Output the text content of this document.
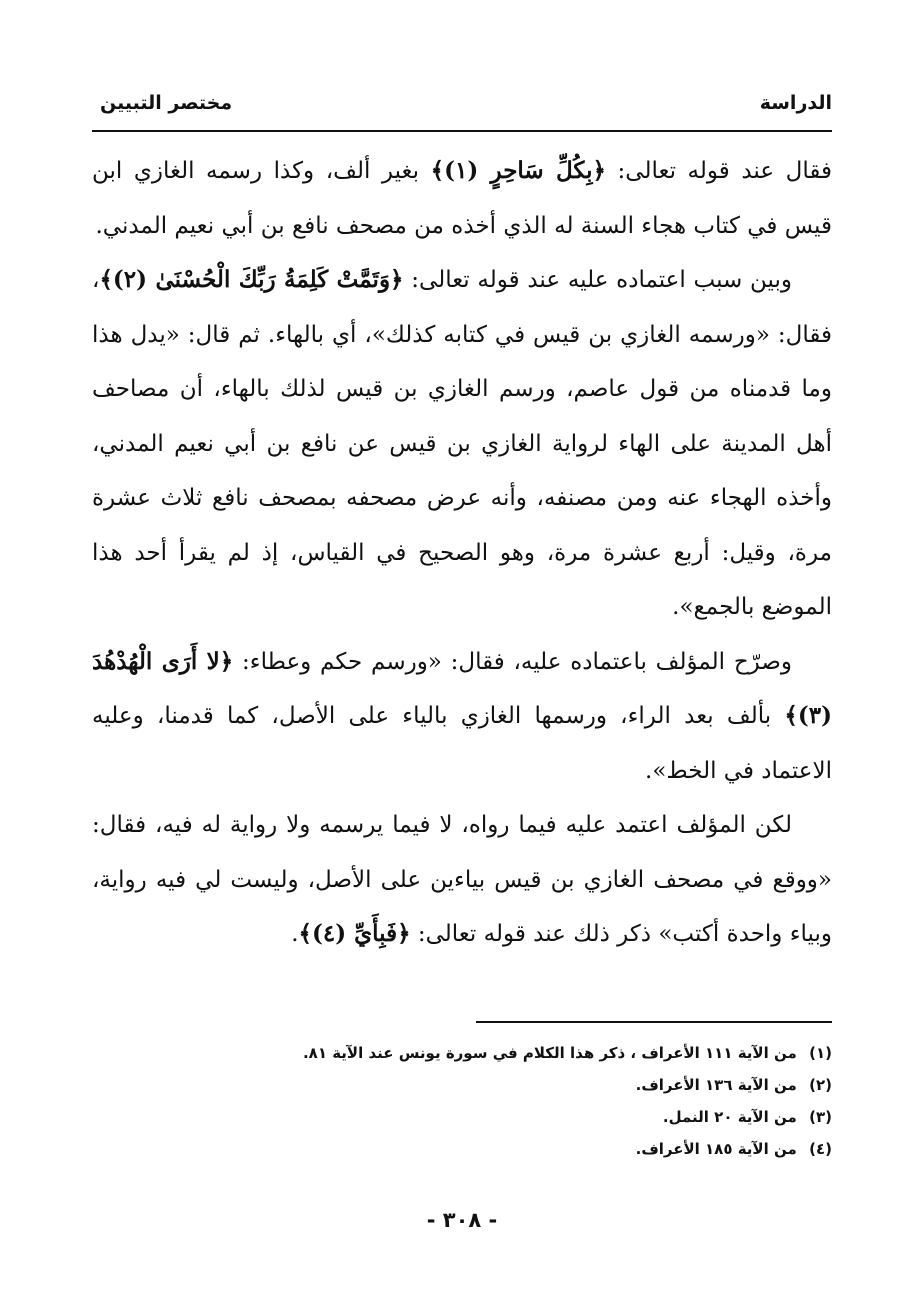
الدراسة
مختصر التبيين

فقال عند قوله تعالى: ﴿بِكُلِّ سَاحِرٍ (١)﴾ بغير ألف، وكذا رسمه الغازي ابن قيس في كتاب هجاء السنة له الذي أخذه من مصحف نافع بن أبي نعيم المدني.

وبين سبب اعتماده عليه عند قوله تعالى: ﴿وَتَمَّتْ كَلِمَةُ رَبِّكَ الْحُسْنَىٰ (٢)﴾، فقال: «ورسمه الغازي بن قيس في كتابه كذلك»، أي بالهاء. ثم قال: «يدل هذا وما قدمناه من قول عاصم، ورسم الغازي بن قيس لذلك بالهاء، أن مصاحف أهل المدينة على الهاء لرواية الغازي بن قيس عن نافع بن أبي نعيم المدني، وأخذه الهجاء عنه ومن مصنفه، وأنه عرض مصحفه بمصحف نافع ثلاث عشرة مرة، وقيل: أربع عشرة مرة، وهو الصحيح في القياس، إذ لم يقرأ أحد هذا الموضع بالجمع».

وصرّح المؤلف باعتماده عليه، فقال: «ورسم حكم وعطاء: ﴿لا أَرَى الْهُدْهُدَ (٣)﴾ بألف بعد الراء، ورسمها الغازي بالياء على الأصل، كما قدمنا، وعليه الاعتماد في الخط».

لكن المؤلف اعتمد عليه فيما رواه، لا فيما يرسمه ولا رواية له فيه، فقال: «ووقع في مصحف الغازي بن قيس بياءين على الأصل، وليست لي فيه رواية، وبياء واحدة أكتب» ذكر ذلك عند قوله تعالى: ﴿فَبِأَيِّ (٤)﴾.

(١) من الآية ١١١ الأعراف ، ذكر هذا الكلام في سورة يونس عند الآية ٨١.
(٢) من الآية ١٣٦ الأعراف.
(٣) من الآية ٢٠ النمل.
(٤) من الآية ١٨٥ الأعراف.
- ٣٠٨ -
